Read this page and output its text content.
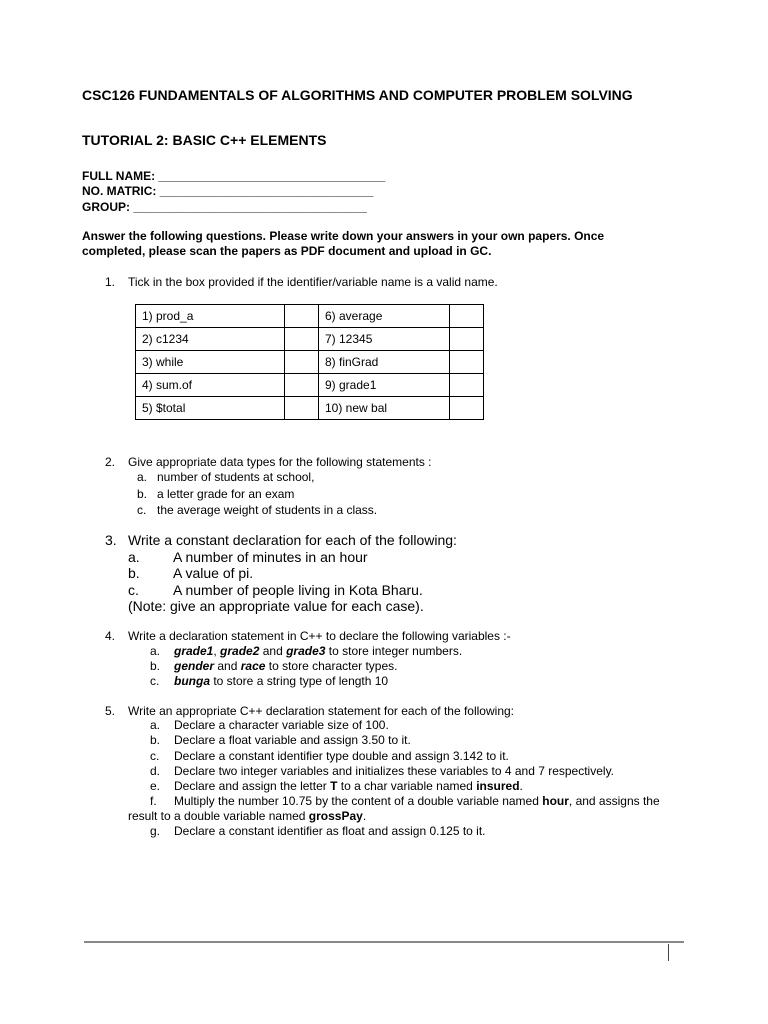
CSC126 FUNDAMENTALS OF ALGORITHMS AND COMPUTER PROBLEM SOLVING
TUTORIAL 2: BASIC C++ ELEMENTS
FULL NAME: __________________________________
NO. MATRIC: ________________________________
GROUP: ___________________________________
Answer the following questions. Please write down your answers in your own papers. Once completed, please scan the papers as PDF document and upload in GC.
1. Tick in the box provided if the identifier/variable name is a valid name.
1) prod_a		6) average	
2) c1234		7) 12345	
3) while		8) finGrad	
4) sum.of		9) grade1	
5) $total		10) new bal	
2. Give appropriate data types for the following statements :
a. number of students at school,
b. a letter grade for an exam
c. the average weight of students in a class.
3. Write a constant declaration for each of the following:
a. A number of minutes in an hour
b. A value of pi.
c. A number of people living in Kota Bharu.
(Note: give an appropriate value for each case).
4. Write a declaration statement in C++ to declare the following variables :-
a. grade1, grade2 and grade3 to store integer numbers.
b. gender and race to store character types.
c. bunga to store a string type of length 10
5. Write an appropriate C++ declaration statement for each of the following:
a. Declare a character variable size of 100.
b. Declare a float variable and assign 3.50 to it.
c. Declare a constant identifier type double and assign 3.142 to it.
d. Declare two integer variables and initializes these variables to 4 and 7 respectively.
e. Declare and assign the letter T to a char variable named insured.
f. Multiply the number 10.75 by the content of a double variable named hour, and assigns the
result to a double variable named grossPay.
g. Declare a constant identifier as float and assign 0.125 to it.
